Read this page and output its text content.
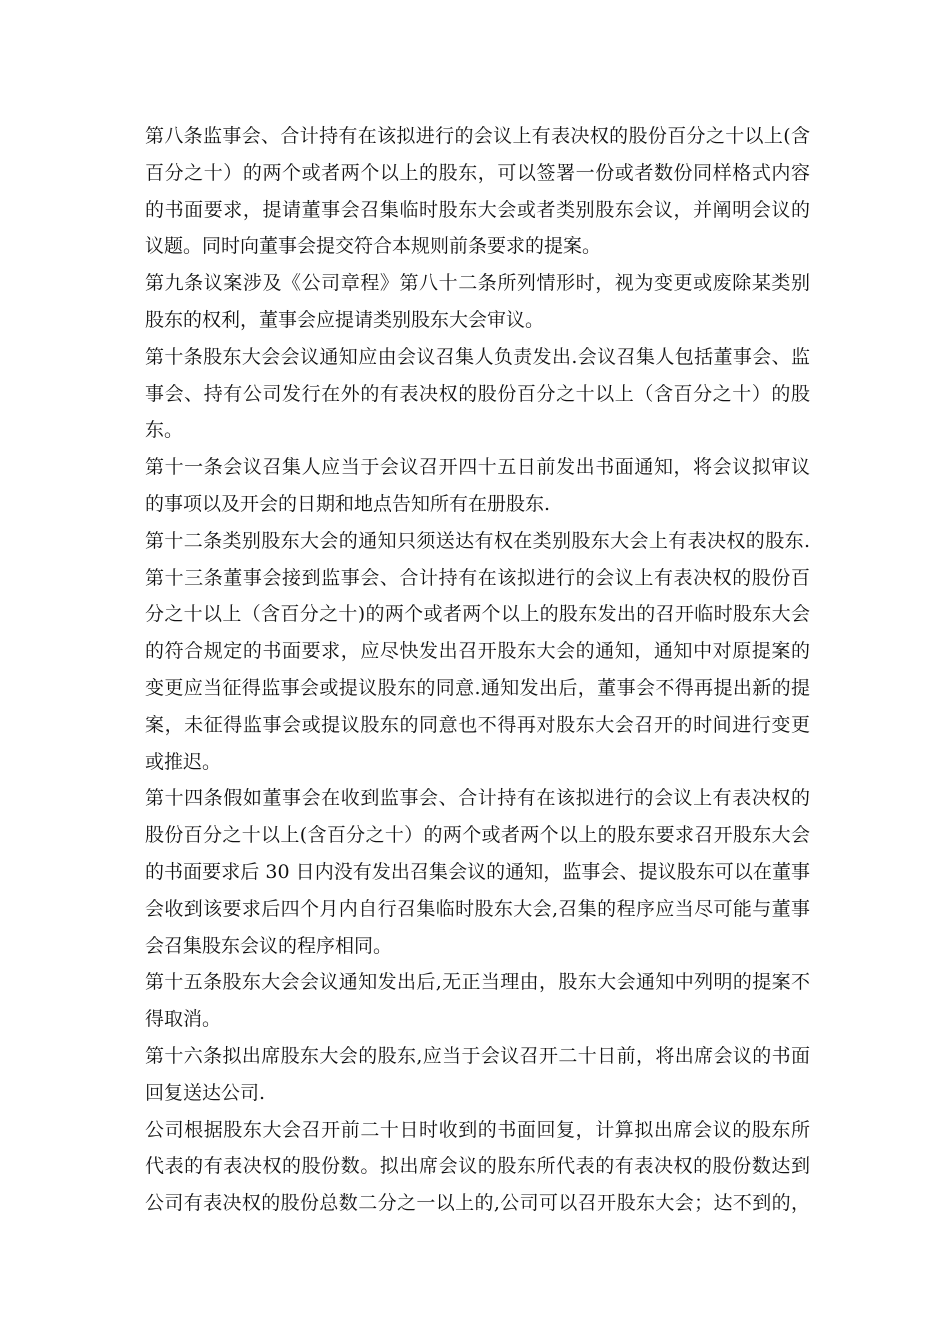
第八条监事会、合计持有在该拟进行的会议上有表决权的股份百分之十以上(含
百分之十）的两个或者两个以上的股东，可以签署一份或者数份同样格式内容
的书面要求，提请董事会召集临时股东大会或者类别股东会议，并阐明会议的
议题。同时向董事会提交符合本规则前条要求的提案。
第九条议案涉及《公司章程》第八十二条所列情形时，视为变更或废除某类别
股东的权利，董事会应提请类别股东大会审议。
第十条股东大会会议通知应由会议召集人负责发出.会议召集人包括董事会、监
事会、持有公司发行在外的有表决权的股份百分之十以上（含百分之十）的股
东。
第十一条会议召集人应当于会议召开四十五日前发出书面通知，将会议拟审议
的事项以及开会的日期和地点告知所有在册股东.
第十二条类别股东大会的通知只须送达有权在类别股东大会上有表决权的股东.
第十三条董事会接到监事会、合计持有在该拟进行的会议上有表决权的股份百
分之十以上（含百分之十)的两个或者两个以上的股东发出的召开临时股东大会
的符合规定的书面要求，应尽快发出召开股东大会的通知，通知中对原提案的
变更应当征得监事会或提议股东的同意.通知发出后，董事会不得再提出新的提
案，未征得监事会或提议股东的同意也不得再对股东大会召开的时间进行变更
或推迟。
第十四条假如董事会在收到监事会、合计持有在该拟进行的会议上有表决权的
股份百分之十以上(含百分之十）的两个或者两个以上的股东要求召开股东大会
的书面要求后 30 日内没有发出召集会议的通知，监事会、提议股东可以在董事
会收到该要求后四个月内自行召集临时股东大会,召集的程序应当尽可能与董事
会召集股东会议的程序相同。
第十五条股东大会会议通知发出后,无正当理由，股东大会通知中列明的提案不
得取消。
第十六条拟出席股东大会的股东,应当于会议召开二十日前，将出席会议的书面
回复送达公司.
公司根据股东大会召开前二十日时收到的书面回复，计算拟出席会议的股东所
代表的有表决权的股份数。拟出席会议的股东所代表的有表决权的股份数达到
公司有表决权的股份总数二分之一以上的,公司可以召开股东大会；达不到的，
